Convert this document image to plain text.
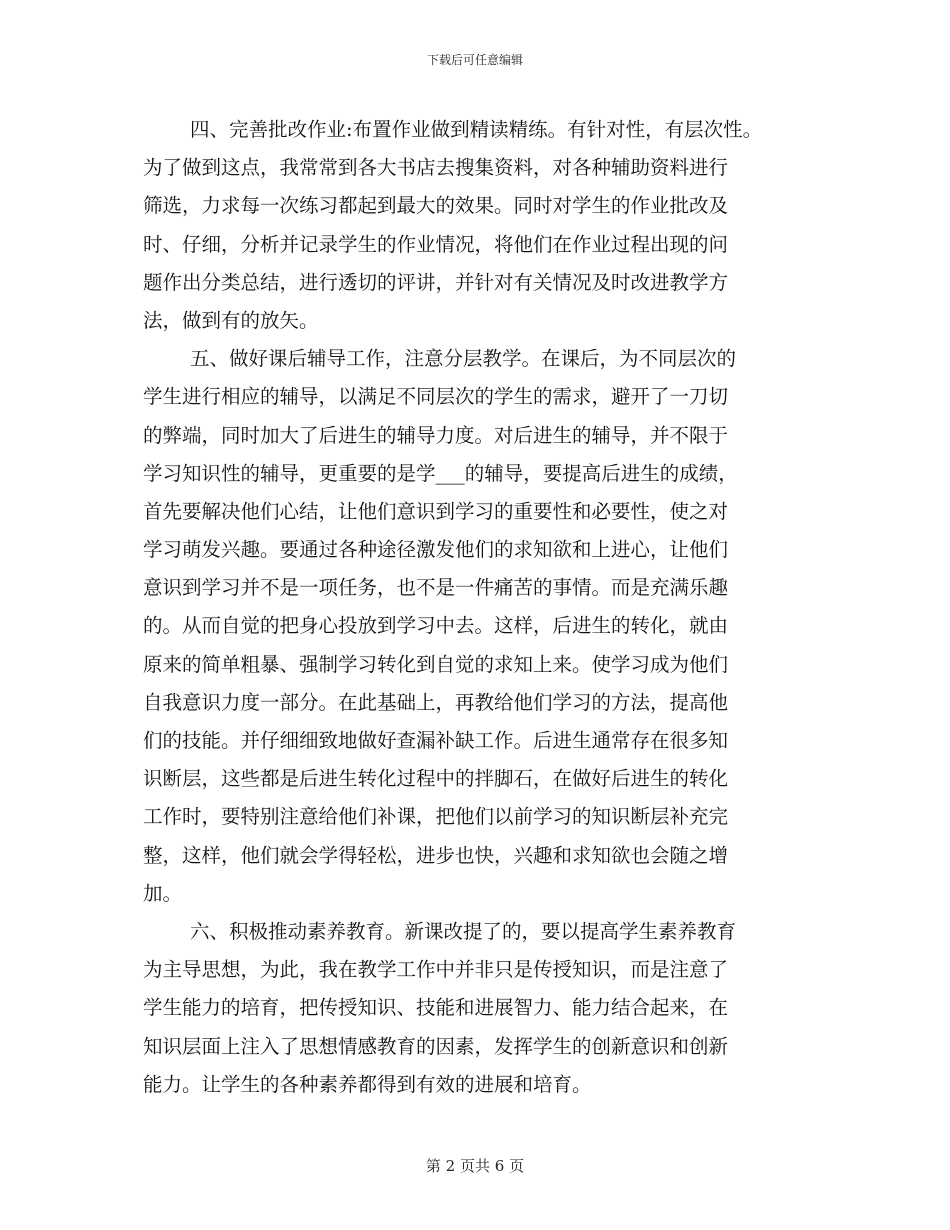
下载后可任意编辑
四、完善批改作业:布置作业做到精读精练。有针对性，有层次性。
为了做到这点，我常常到各大书店去搜集资料，对各种辅助资料进行
筛选，力求每一次练习都起到最大的效果。同时对学生的作业批改及
时、仔细，分析并记录学生的作业情况，将他们在作业过程出现的问
题作出分类总结，进行透切的评讲，并针对有关情况及时改进教学方
法，做到有的放矢。
五、做好课后辅导工作，注意分层教学。在课后，为不同层次的
学生进行相应的辅导，以满足不同层次的学生的需求，避开了一刀切
的弊端，同时加大了后进生的辅导力度。对后进生的辅导，并不限于
学习知识性的辅导，更重要的是学___的辅导，要提高后进生的成绩，
首先要解决他们心结，让他们意识到学习的重要性和必要性，使之对
学习萌发兴趣。要通过各种途径激发他们的求知欲和上进心，让他们
意识到学习并不是一项任务，也不是一件痛苦的事情。而是充满乐趣
的。从而自觉的把身心投放到学习中去。这样，后进生的转化，就由
原来的简单粗暴、强制学习转化到自觉的求知上来。使学习成为他们
自我意识力度一部分。在此基础上，再教给他们学习的方法，提高他
们的技能。并仔细细致地做好查漏补缺工作。后进生通常存在很多知
识断层，这些都是后进生转化过程中的拌脚石，在做好后进生的转化
工作时，要特别注意给他们补课，把他们以前学习的知识断层补充完
整，这样，他们就会学得轻松，进步也快，兴趣和求知欲也会随之增
加。
六、积极推动素养教育。新课改提了的，要以提高学生素养教育
为主导思想，为此，我在教学工作中并非只是传授知识，而是注意了
学生能力的培育，把传授知识、技能和进展智力、能力结合起来，在
知识层面上注入了思想情感教育的因素，发挥学生的创新意识和创新
能力。让学生的各种素养都得到有效的进展和培育。
第 2 页共 6 页
